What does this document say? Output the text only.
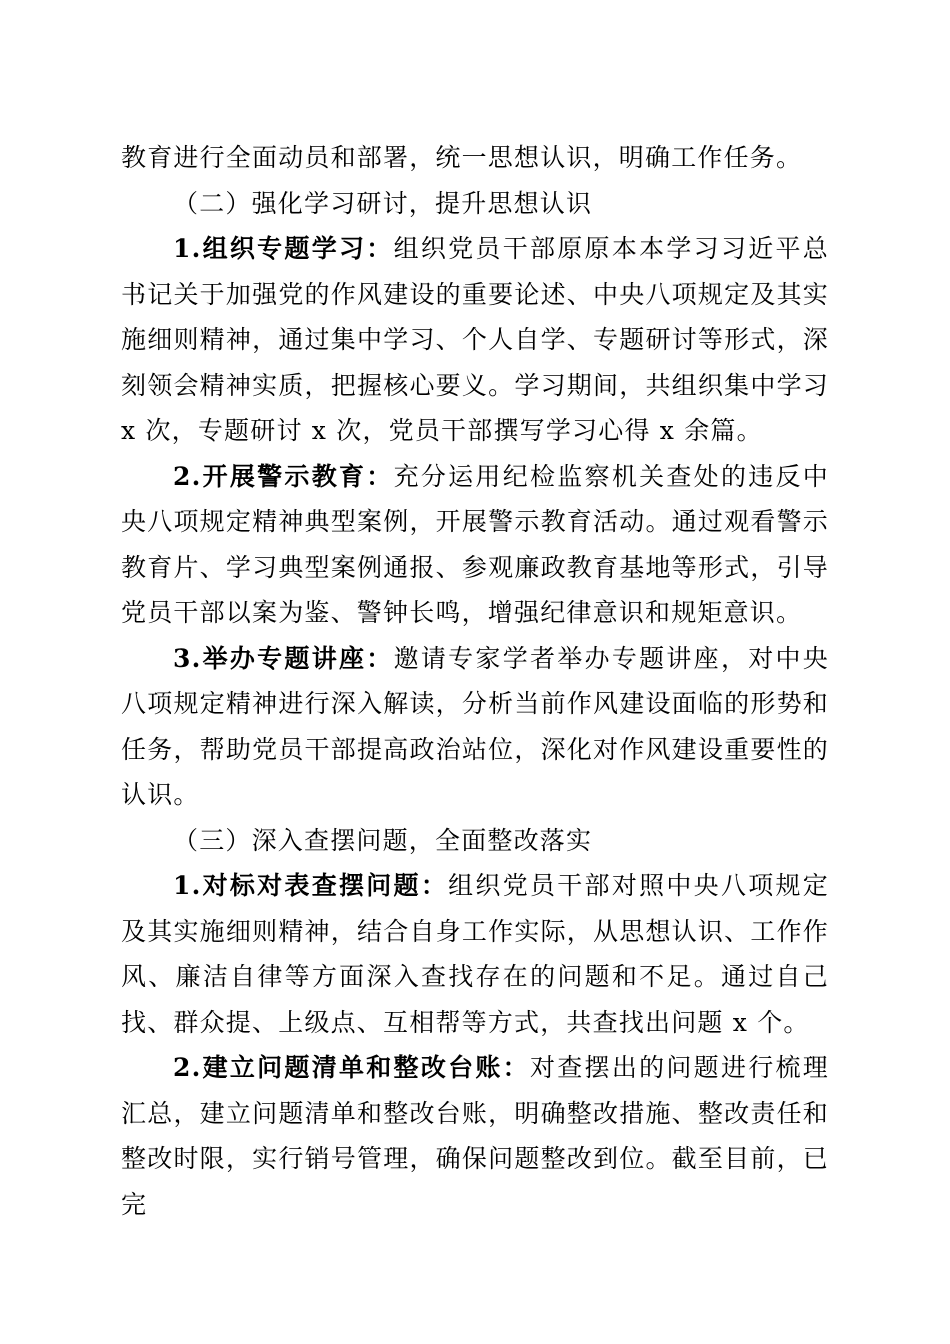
教育进行全面动员和部署，统一思想认识，明确工作任务。

（二）强化学习研讨，提升思想认识

1.组织专题学习：组织党员干部原原本本学习习近平总书记关于加强党的作风建设的重要论述、中央八项规定及其实施细则精神，通过集中学习、个人自学、专题研讨等形式，深刻领会精神实质，把握核心要义。学习期间，共组织集中学习 x 次，专题研讨 x 次，党员干部撰写学习心得 x 余篇。

2.开展警示教育：充分运用纪检监察机关查处的违反中央八项规定精神典型案例，开展警示教育活动。通过观看警示教育片、学习典型案例通报、参观廉政教育基地等形式，引导党员干部以案为鉴、警钟长鸣，增强纪律意识和规矩意识。

3.举办专题讲座：邀请专家学者举办专题讲座，对中央八项规定精神进行深入解读，分析当前作风建设面临的形势和任务，帮助党员干部提高政治站位，深化对作风建设重要性的认识。

（三）深入查摆问题，全面整改落实

1.对标对表查摆问题：组织党员干部对照中央八项规定及其实施细则精神，结合自身工作实际，从思想认识、工作作风、廉洁自律等方面深入查找存在的问题和不足。通过自己找、群众提、上级点、互相帮等方式，共查找出问题 x 个。

2.建立问题清单和整改台账：对查摆出的问题进行梳理汇总，建立问题清单和整改台账，明确整改措施、整改责任和整改时限，实行销号管理，确保问题整改到位。截至目前，已完
